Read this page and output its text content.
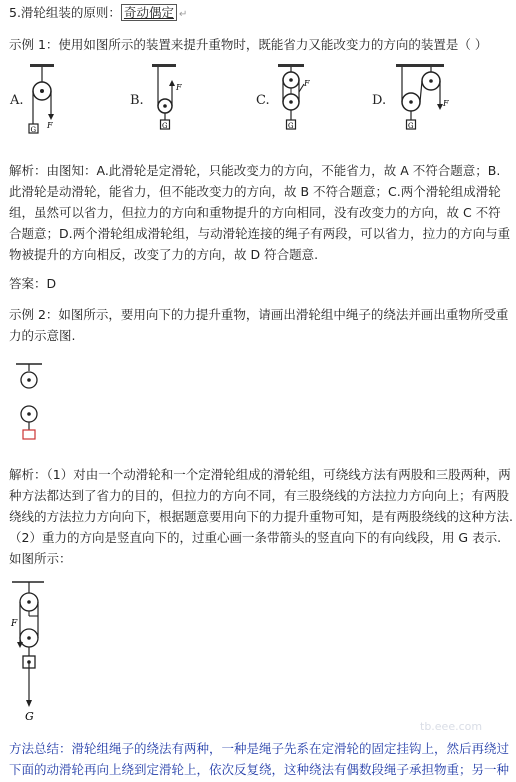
5.滑轮组装的原则： 奇动偶定 ↵
示例 1：使用如图所示的装置来提升重物时，既能省力又能改变力的方向的装置是（ ）
A.
G F
B.
G
F
C.
F
G
D.	F
G
解析：由图知：A.此滑轮是定滑轮，只能改变力的方向，不能省力，故 A 不符合题意；B.
此滑轮是动滑轮，能省力，但不能改变力的方向，故 B 不符合题意；C.两个滑轮组成滑轮
组，虽然可以省力，但拉力的方向和重物提升的方向相同，没有改变力的方向，故 C 不符
合题意；D.两个滑轮组成滑轮组，与动滑轮连接的绳子有两段，可以省力，拉力的方向与重
物被提升的方向相反，改变了力的方向，故 D 符合题意.
答案：D
示例 2：如图所示，要用向下的力提升重物，请画出滑轮组中绳子的绕法并画出重物所受重
力的示意图.
解析：（1）对由一个动滑轮和一个定滑轮组成的滑轮组，可绕线方法有两股和三股两种，两
种方法都达到了省力的目的，但拉力的方向不同，有三股绕线的方法拉力方向向上；有两股
绕线的方法拉力方向向下，根据题意要用向下的力提升重物可知，是有两股绕线的这种方法.
（2）重力的方向是竖直向下的，过重心画一条带箭头的竖直向下的有向线段，用 G 表示.
如图所示：
F
G
方法总结：滑轮组绳子的绕法有两种，一种是绳子先系在定滑轮的固定挂钩上，然后再绕过
下面的动滑轮再向上绕到定滑轮上，依次反复绕，这种绕法有偶数段绳子承担物重；另一种
tb.eee.com
